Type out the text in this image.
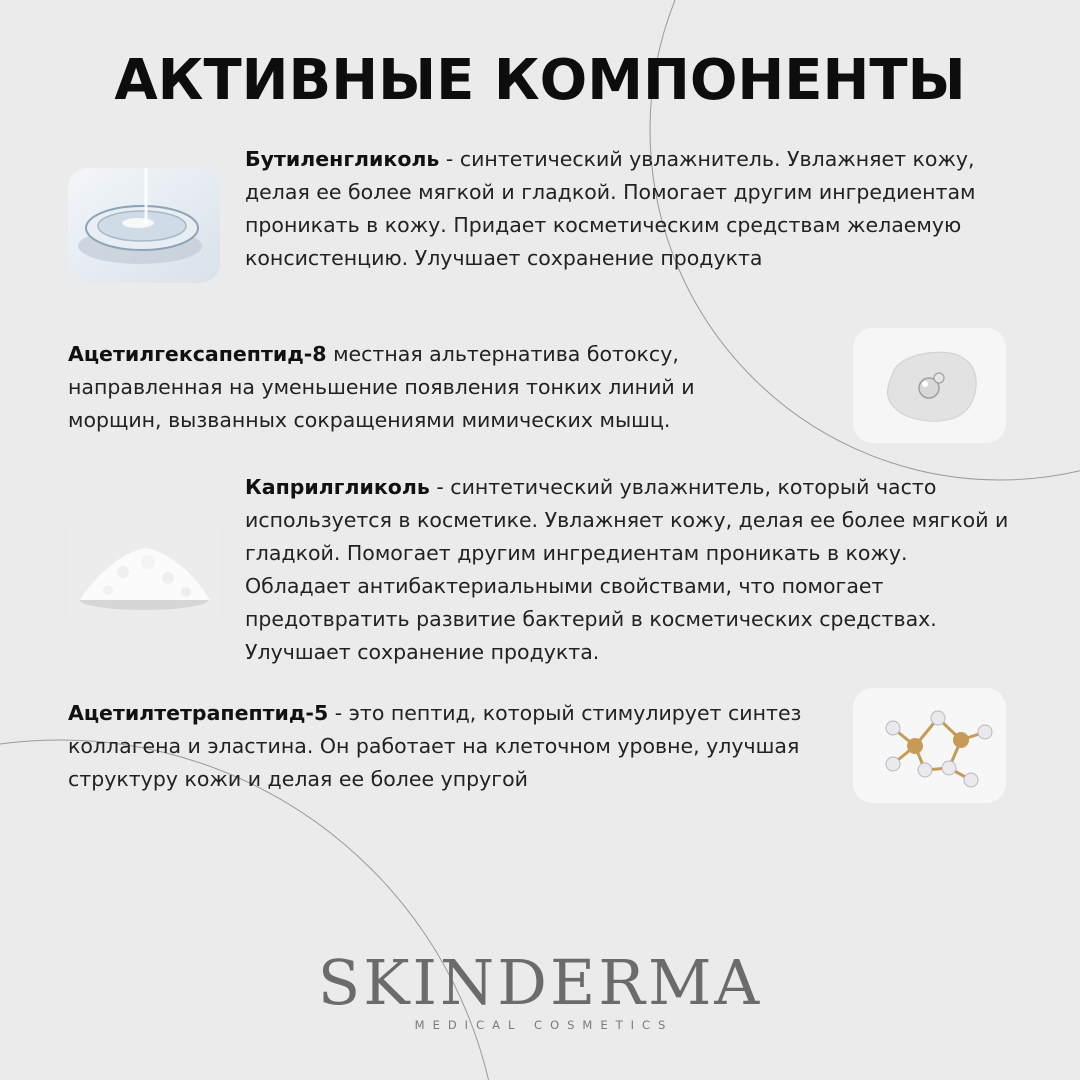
АКТИВНЫЕ КОМПОНЕНТЫ
Бутиленгликоль - синтетический увлажнитель. Увлажняет кожу, делая ее более мягкой и гладкой. Помогает другим ингредиентам проникать в кожу. Придает косметическим средствам желаемую консистенцию. Улучшает сохранение продукта
Ацетилгексапептид-8 местная альтернатива ботоксу, направленная на уменьшение появления тонких линий и морщин, вызванных сокращениями мимических мышц.
Каприлгликоль - синтетический увлажнитель, который часто используется в косметике. Увлажняет кожу, делая ее более мягкой и гладкой. Помогает другим ингредиентам проникать в кожу. Обладает антибактериальными свойствами, что помогает предотвратить развитие бактерий в косметических средствах. Улучшает сохранение продукта.
Ацетилтетрапептид-5 - это пептид, который стимулирует синтез коллагена и эластина. Он работает на клеточном уровне, улучшая структуру кожи и делая ее более упругой
SKINDERMA
MEDICAL COSMETICS
